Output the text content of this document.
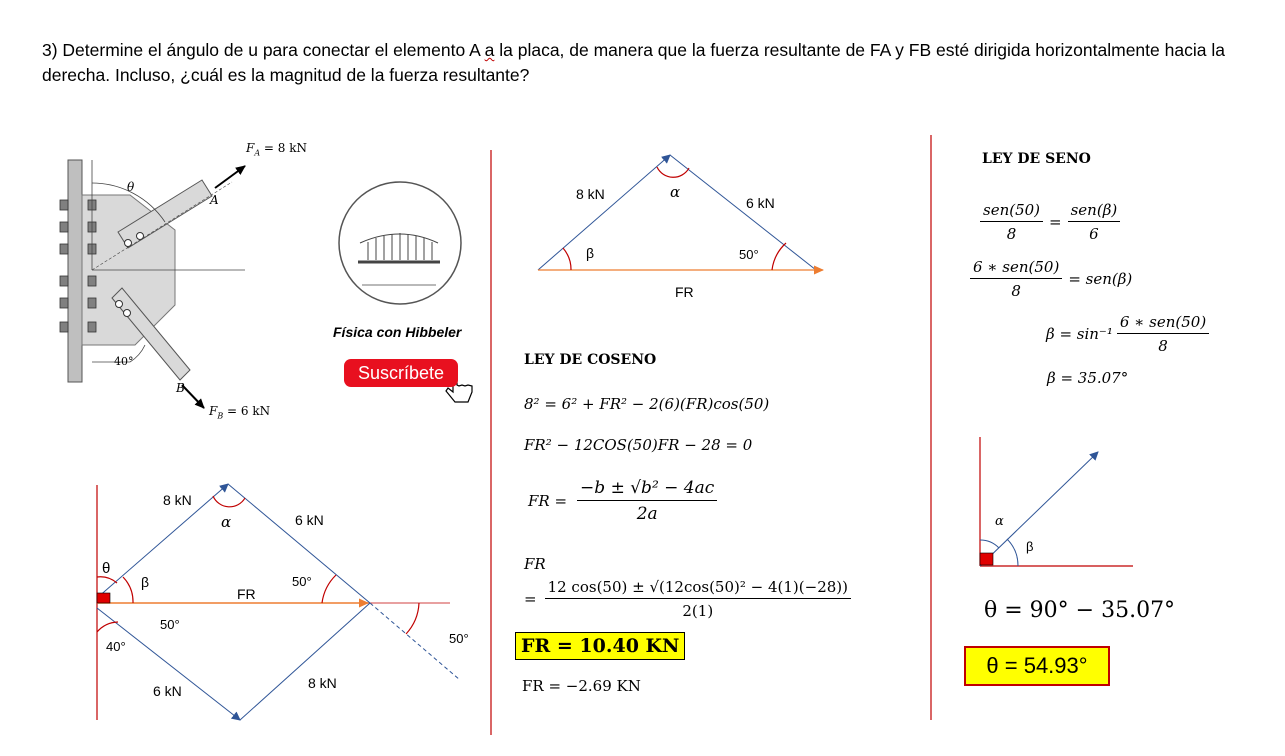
3) Determine el ángulo de u para conectar el elemento A a la placa, de manera que la fuerza resultante de FA y FB esté dirigida horizontalmente hacia la derecha. Incluso, ¿cuál es la magnitud de la fuerza resultante?
$F_A = 8$ kN
$F_B = 6$ kN
θ
A
B
40°
Física con Hibbeler
Suscríbete
8 kN
6 kN
α
β	50°
FR
8 kN
6 kN
α
θ
β
FR
50°
50°
40°
50°
6 kN	8 kN
LEY DE COSENO
8² = 6² + FR² − 2(6)(FR)cos(50)
FR² − 12COS(50)FR − 28 = 0
FR = $\frac{\text{−b ± √b² − 4ac}}{2a}$
FR
= $\frac{\text{12 cos(50) ± √(12cos(50)² − 4(1)(−28))}}{2(1)}$
FR = 10.40 KN
FR = −2.69 KN
LEY DE SENO
$\frac{\text{sen(50)}}{8} = \frac{\text{sen(β)}}{6}$
$\frac{\text{6 ∗ sen(50)}}{8} = sen(\beta)$
$\beta = \sin^{-1} \frac{\text{6 ∗ sen(50)}}{8}$
β = 35.07°
α
β
θ = 90° − 35.07°
θ = 54.93°
